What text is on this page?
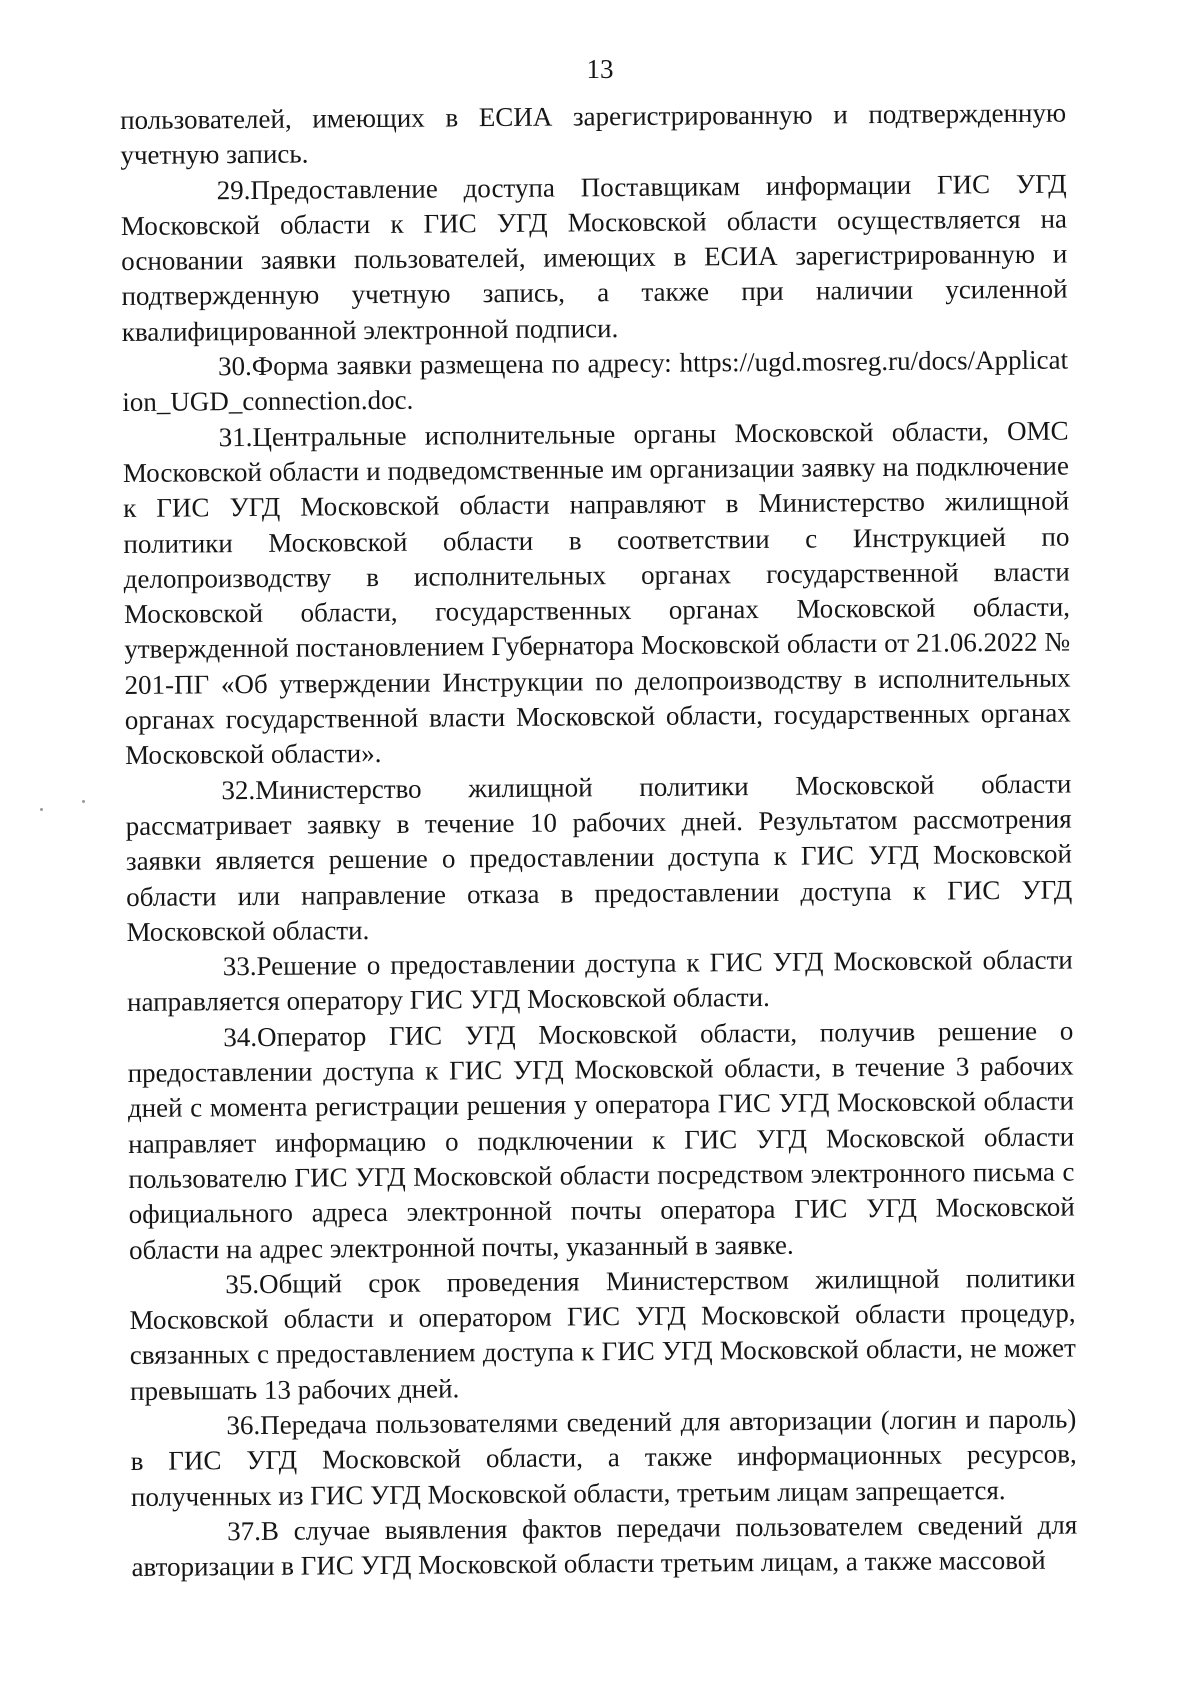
13

пользователей, имеющих в ЕСИА зарегистрированную и подтвержденную учетную запись.

29.Предоставление доступа Поставщикам информации ГИС УГД Московской области к ГИС УГД Московской области осуществляется на основании заявки пользователей, имеющих в ЕСИА зарегистрированную и подтвержденную учетную запись, а также при наличии усиленной квалифицированной электронной подписи.

30.Форма заявки размещена по адресу: https://ugd.mosreg.ru/docs/Application_UGD_connection.doc.

31.Центральные исполнительные органы Московской области, ОМС Московской области и подведомственные им организации заявку на подключение к ГИС УГД Московской области направляют в Министерство жилищной политики Московской области в соответствии с Инструкцией по делопроизводству в исполнительных органах государственной власти Московской области, государственных органах Московской области, утвержденной постановлением Губернатора Московской области от 21.06.2022 № 201-ПГ «Об утверждении Инструкции по делопроизводству в исполнительных органах государственной власти Московской области, государственных органах Московской области».

32.Министерство жилищной политики Московской области рассматривает заявку в течение 10 рабочих дней. Результатом рассмотрения заявки является решение о предоставлении доступа к ГИС УГД Московской области или направление отказа в предоставлении доступа к ГИС УГД Московской области.

33.Решение о предоставлении доступа к ГИС УГД Московской области направляется оператору ГИС УГД Московской области.

34.Оператор ГИС УГД Московской области, получив решение о предоставлении доступа к ГИС УГД Московской области, в течение 3 рабочих дней с момента регистрации решения у оператора ГИС УГД Московской области направляет информацию о подключении к ГИС УГД Московской области пользователю ГИС УГД Московской области посредством электронного письма с официального адреса электронной почты оператора ГИС УГД Московской области на адрес электронной почты, указанный в заявке.

35.Общий срок проведения Министерством жилищной политики Московской области и оператором ГИС УГД Московской области процедур, связанных с предоставлением доступа к ГИС УГД Московской области, не может превышать 13 рабочих дней.

36.Передача пользователями сведений для авторизации (логин и пароль) в ГИС УГД Московской области, а также информационных ресурсов, полученных из ГИС УГД Московской области, третьим лицам запрещается.

37.В случае выявления фактов передачи пользователем сведений для авторизации в ГИС УГД Московской области третьим лицам, а также массовой
